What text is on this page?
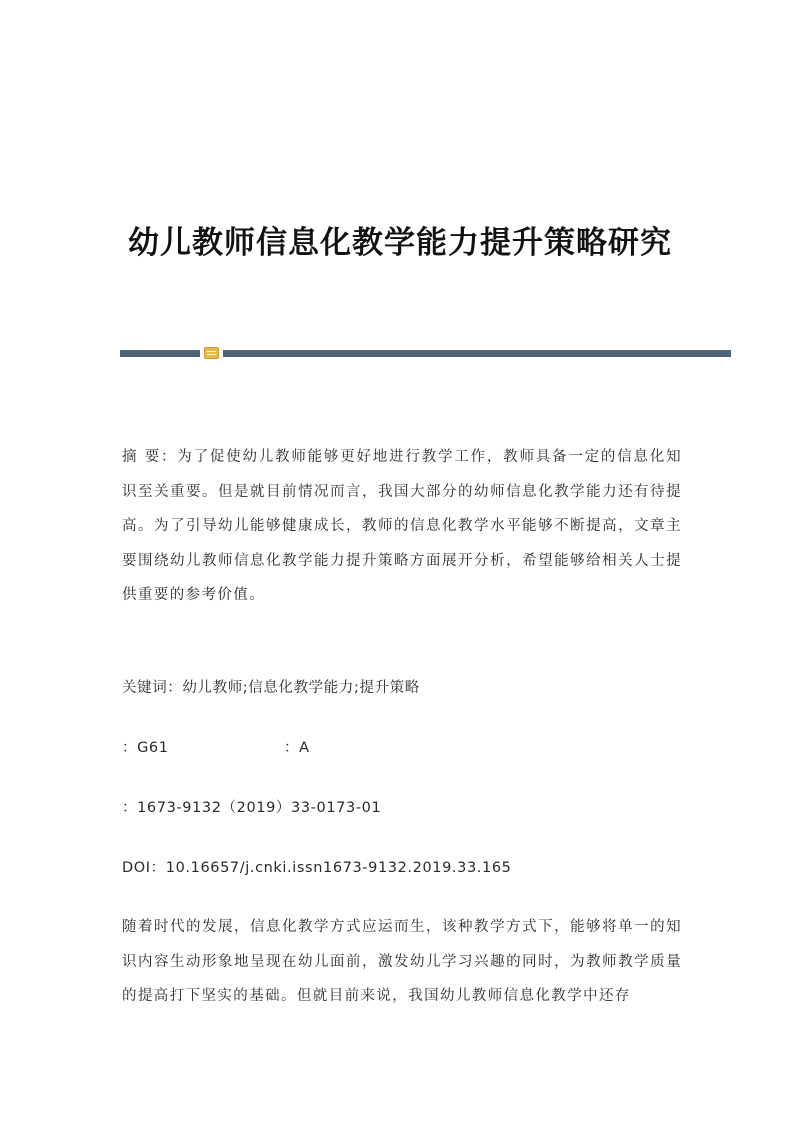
幼儿教师信息化教学能力提升策略研究

摘 要：为了促使幼儿教师能够更好地进行教学工作，教师具备一定的信息化知识至关重要。但是就目前情况而言，我国大部分的幼师信息化教学能力还有待提高。为了引导幼儿能够健康成长，教师的信息化教学水平能够不断提高，文章主要围绕幼儿教师信息化教学能力提升策略方面展开分析，希望能够给相关人士提供重要的参考价值。

关键词：幼儿教师;信息化教学能力;提升策略
：G61	：A
：1673-9132（2019）33-0173-01
DOI：10.16657/j.cnki.issn1673-9132.2019.33.165

随着时代的发展，信息化教学方式应运而生，该种教学方式下，能够将单一的知识内容生动形象地呈现在幼儿面前，激发幼儿学习兴趣的同时，为教师教学质量的提高打下坚实的基础。但就目前来说，我国幼儿教师信息化教学中还存
